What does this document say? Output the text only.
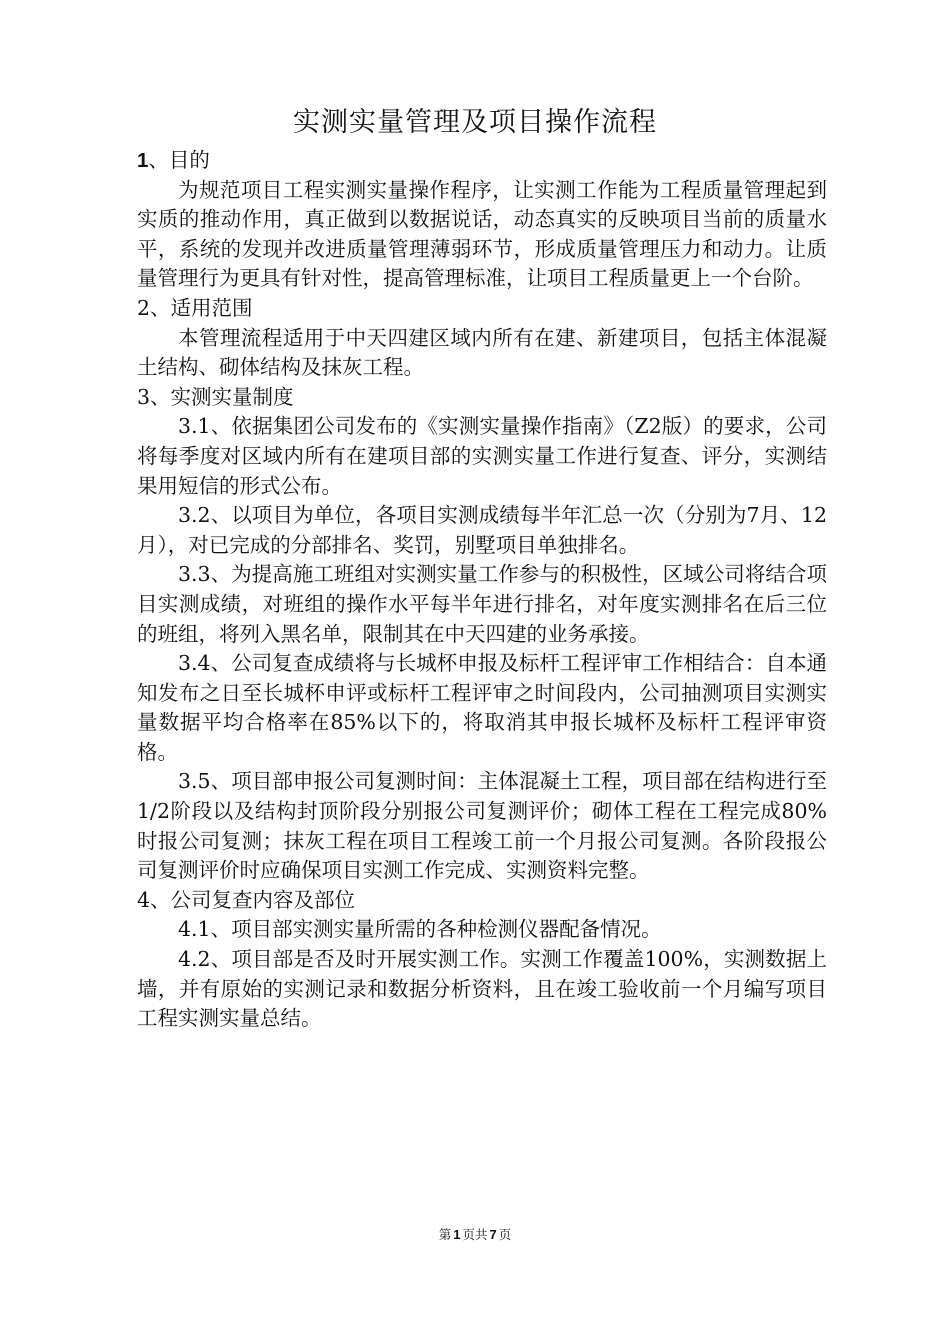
实测实量管理及项目操作流程

1、目的

为规范项目工程实测实量操作程序，让实测工作能为工程质量管理起到实质的推动作用，真正做到以数据说话，动态真实的反映项目当前的质量水平，系统的发现并改进质量管理薄弱环节，形成质量管理压力和动力。让质量管理行为更具有针对性，提高管理标准，让项目工程质量更上一个台阶。

2、适用范围

本管理流程适用于中天四建区域内所有在建、新建项目，包括主体混凝土结构、砌体结构及抹灰工程。

3、实测实量制度

3.1、依据集团公司发布的《实测实量操作指南》（Z2版）的要求，公司将每季度对区域内所有在建项目部的实测实量工作进行复查、评分，实测结果用短信的形式公布。

3.2、以项目为单位，各项目实测成绩每半年汇总一次（分别为7月、12月），对已完成的分部排名、奖罚，别墅项目单独排名。

3.3、为提高施工班组对实测实量工作参与的积极性，区域公司将结合项目实测成绩，对班组的操作水平每半年进行排名，对年度实测排名在后三位的班组，将列入黑名单，限制其在中天四建的业务承接。

3.4、公司复查成绩将与长城杯申报及标杆工程评审工作相结合：自本通知发布之日至长城杯申评或标杆工程评审之时间段内，公司抽测项目实测实量数据平均合格率在85%以下的，将取消其申报长城杯及标杆工程评审资格。

3.5、项目部申报公司复测时间：主体混凝土工程，项目部在结构进行至1/2阶段以及结构封顶阶段分别报公司复测评价；砌体工程在工程完成80%时报公司复测；抹灰工程在项目工程竣工前一个月报公司复测。各阶段报公司复测评价时应确保项目实测工作完成、实测资料完整。

4、公司复查内容及部位

4.1、项目部实测实量所需的各种检测仪器配备情况。

4.2、项目部是否及时开展实测工作。实测工作覆盖100%，实测数据上墙，并有原始的实测记录和数据分析资料，且在竣工验收前一个月编写项目工程实测实量总结。

第 1 页共 7 页
